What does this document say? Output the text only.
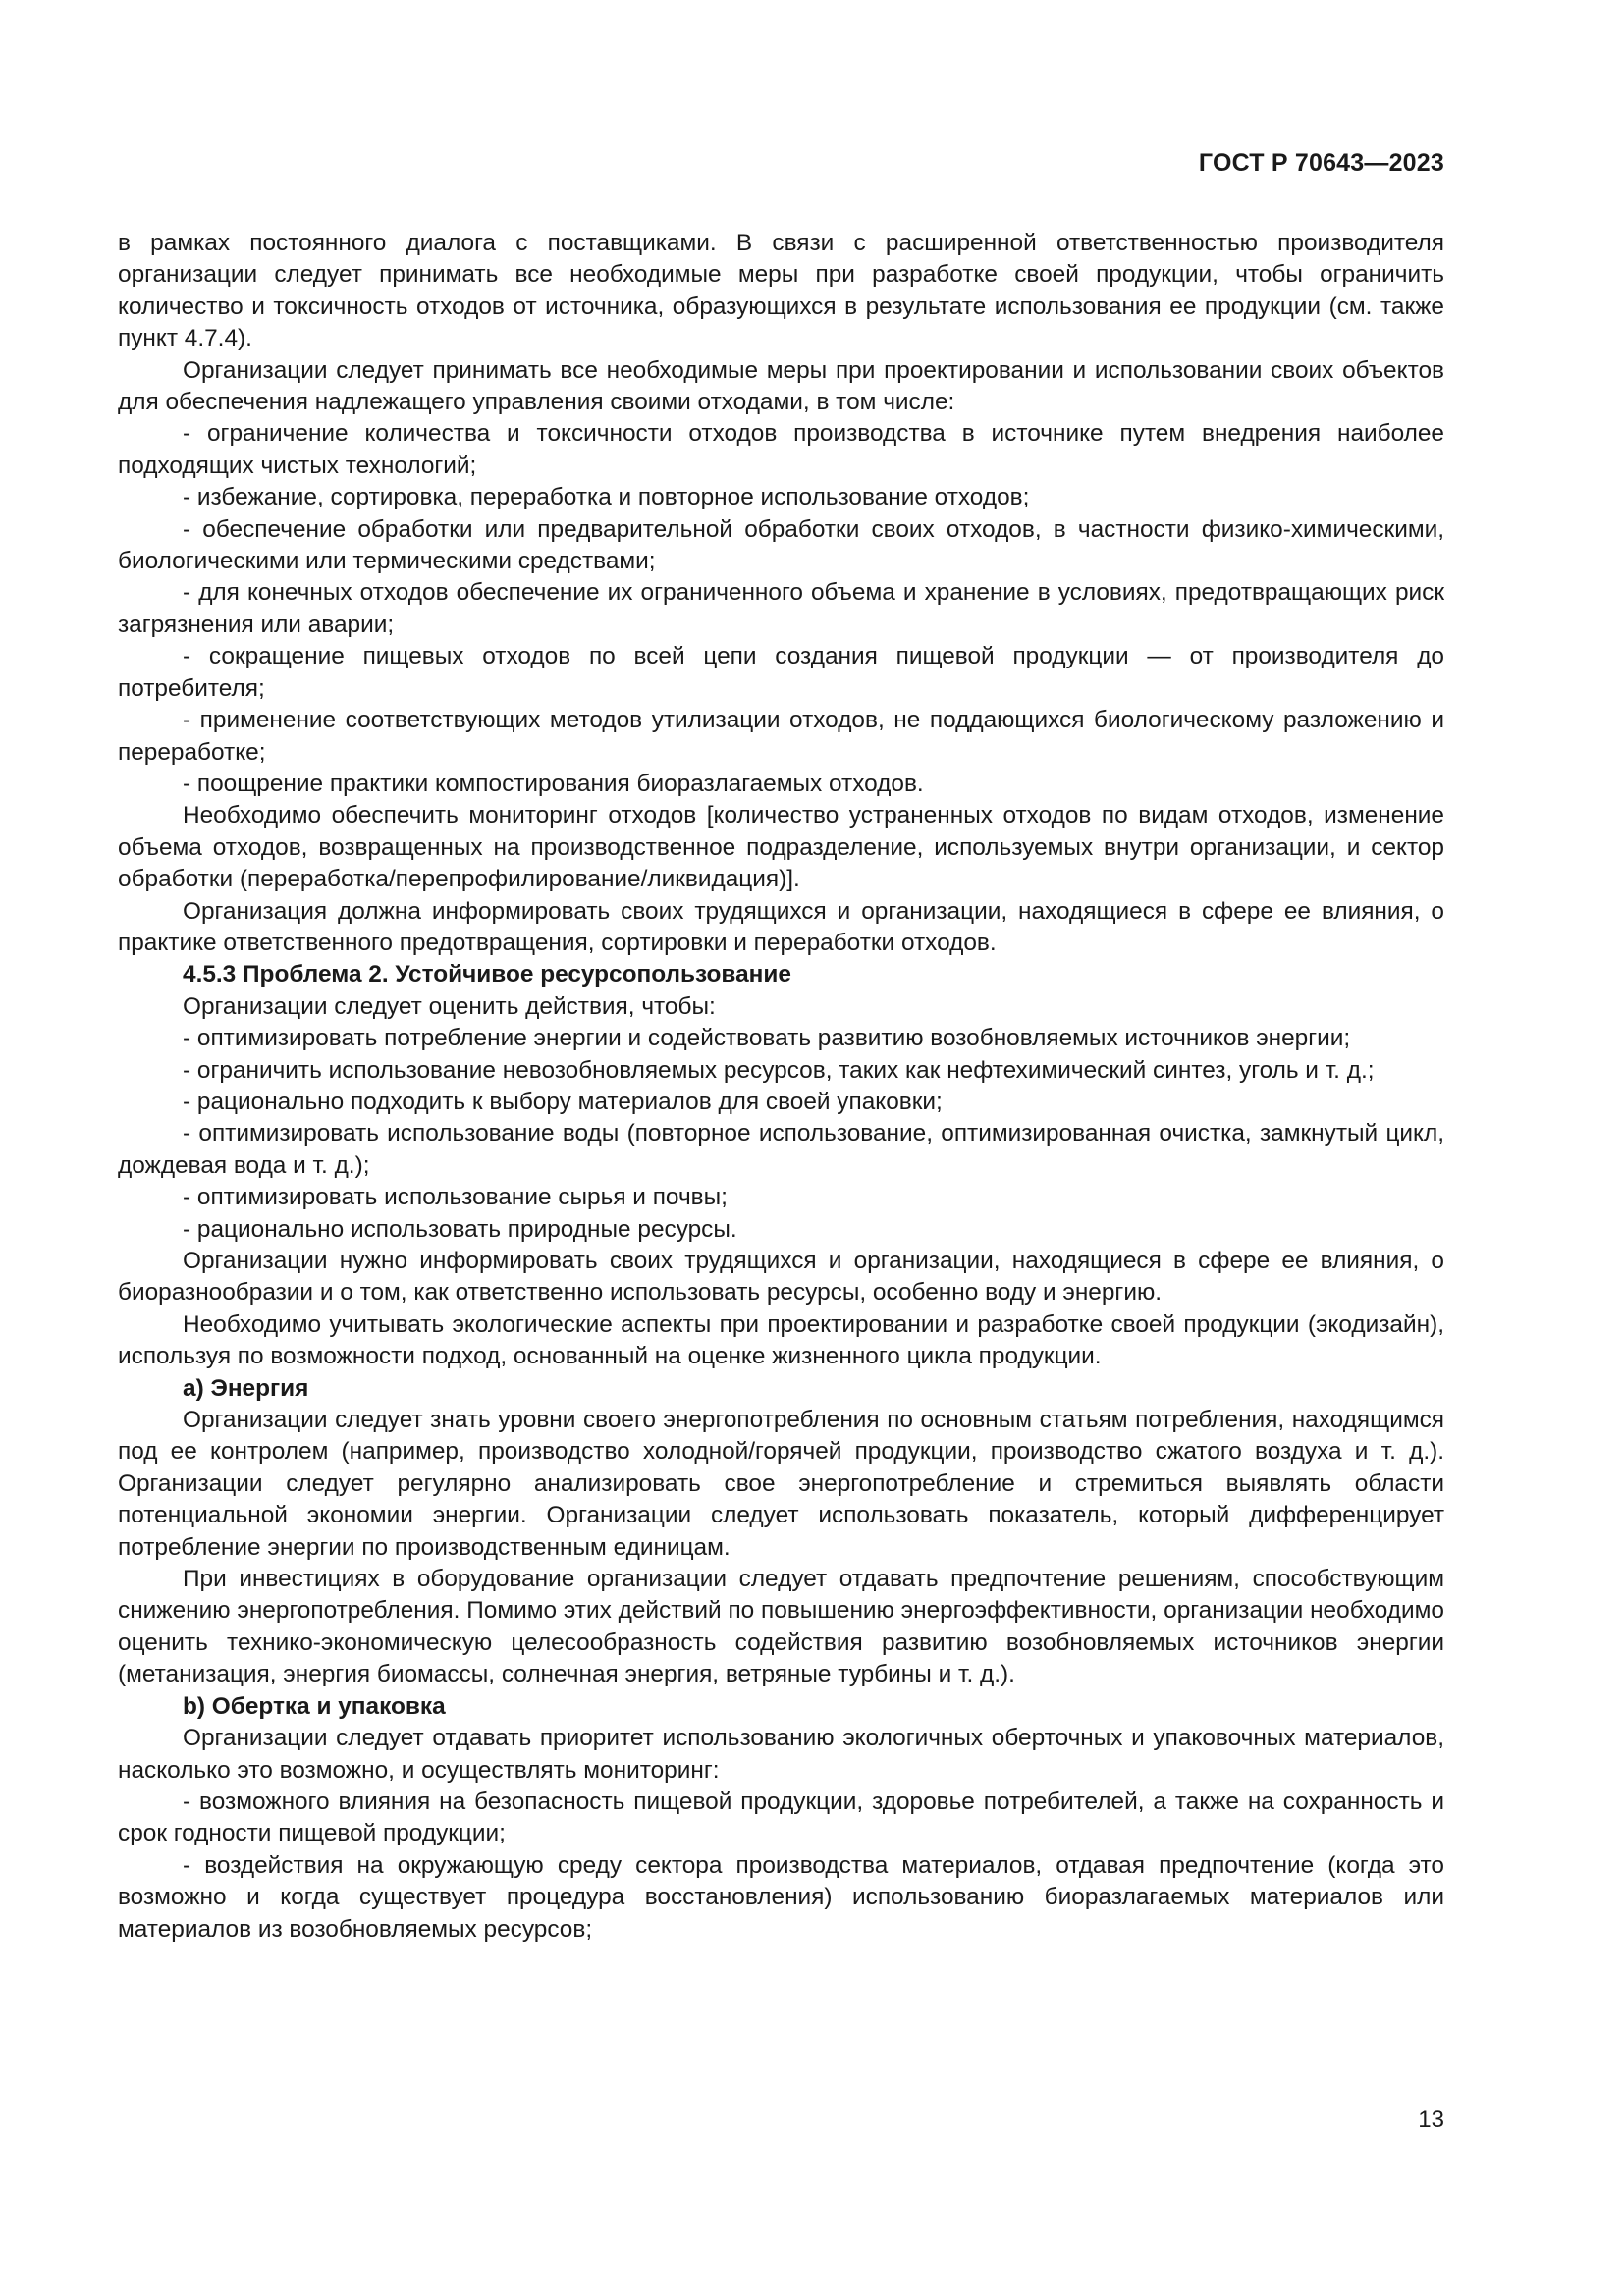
ГОСТ Р 70643—2023

в рамках постоянного диалога с поставщиками. В связи с расширенной ответственностью производителя организации следует принимать все необходимые меры при разработке своей продукции, чтобы ограничить количество и токсичность отходов от источника, образующихся в результате использования ее продукции (см. также пункт 4.7.4).

Организации следует принимать все необходимые меры при проектировании и использовании своих объектов для обеспечения надлежащего управления своими отходами, в том числе:

- ограничение количества и токсичности отходов производства в источнике путем внедрения наиболее подходящих чистых технологий;

- избежание, сортировка, переработка и повторное использование отходов;

- обеспечение обработки или предварительной обработки своих отходов, в частности физико-химическими, биологическими или термическими средствами;

- для конечных отходов обеспечение их ограниченного объема и хранение в условиях, предотвращающих риск загрязнения или аварии;

- сокращение пищевых отходов по всей цепи создания пищевой продукции — от производителя до потребителя;

- применение соответствующих методов утилизации отходов, не поддающихся биологическому разложению и переработке;

- поощрение практики компостирования биоразлагаемых отходов.

Необходимо обеспечить мониторинг отходов [количество устраненных отходов по видам отходов, изменение объема отходов, возвращенных на производственное подразделение, используемых внутри организации, и сектор обработки (переработка/перепрофилирование/ликвидация)].

Организация должна информировать своих трудящихся и организации, находящиеся в сфере ее влияния, о практике ответственного предотвращения, сортировки и переработки отходов.

4.5.3 Проблема 2. Устойчивое ресурсопользование

Организации следует оценить действия, чтобы:

- оптимизировать потребление энергии и содействовать развитию возобновляемых источников энергии;

- ограничить использование невозобновляемых ресурсов, таких как нефтехимический синтез, уголь и т. д.;

- рационально подходить к выбору материалов для своей упаковки;

- оптимизировать использование воды (повторное использование, оптимизированная очистка, замкнутый цикл, дождевая вода и т. д.);

- оптимизировать использование сырья и почвы;

- рационально использовать природные ресурсы.

Организации нужно информировать своих трудящихся и организации, находящиеся в сфере ее влияния, о биоразнообразии и о том, как ответственно использовать ресурсы, особенно воду и энергию.

Необходимо учитывать экологические аспекты при проектировании и разработке своей продукции (экодизайн), используя по возможности подход, основанный на оценке жизненного цикла продукции.

a) Энергия

Организации следует знать уровни своего энергопотребления по основным статьям потребления, находящимся под ее контролем (например, производство холодной/горячей продукции, производство сжатого воздуха и т. д.). Организации следует регулярно анализировать свое энергопотребление и стремиться выявлять области потенциальной экономии энергии. Организации следует использовать показатель, который дифференцирует потребление энергии по производственным единицам.

При инвестициях в оборудование организации следует отдавать предпочтение решениям, способствующим снижению энергопотребления. Помимо этих действий по повышению энергоэффективности, организации необходимо оценить технико-экономическую целесообразность содействия развитию возобновляемых источников энергии (метанизация, энергия биомассы, солнечная энергия, ветряные турбины и т. д.).

b) Обертка и упаковка

Организации следует отдавать приоритет использованию экологичных оберточных и упаковочных материалов, насколько это возможно, и осуществлять мониторинг:

- возможного влияния на безопасность пищевой продукции, здоровье потребителей, а также на сохранность и срок годности пищевой продукции;

- воздействия на окружающую среду сектора производства материалов, отдавая предпочтение (когда это возможно и когда существует процедура восстановления) использованию биоразлагаемых материалов или материалов из возобновляемых ресурсов;

13
